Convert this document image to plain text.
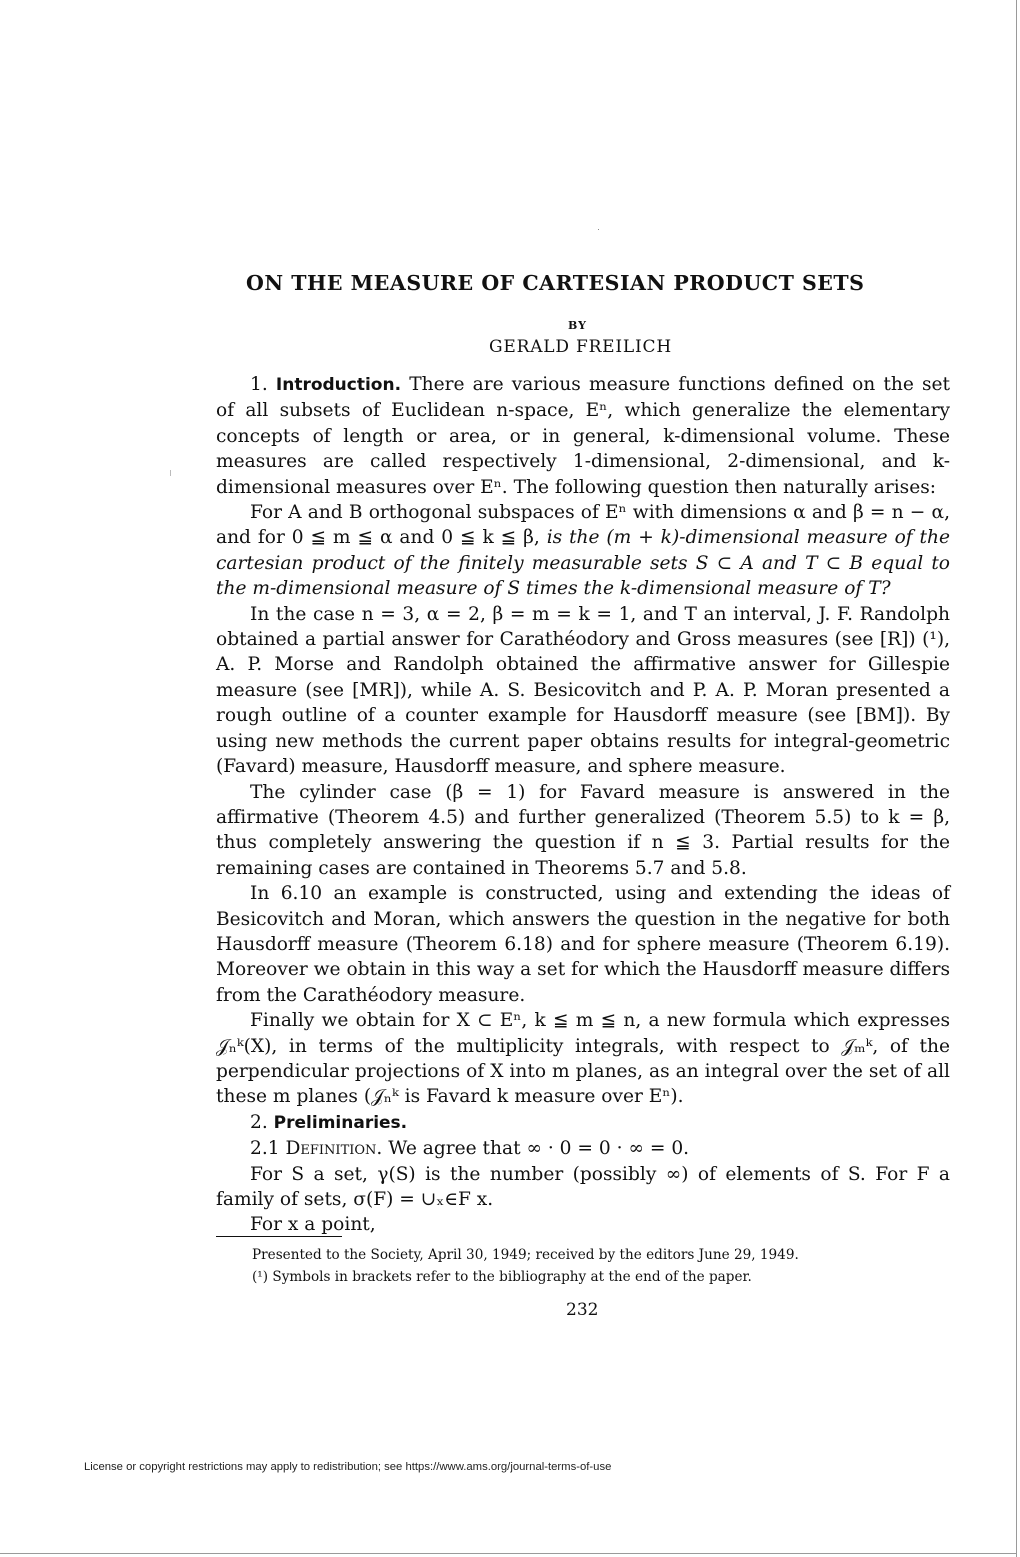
ON THE MEASURE OF CARTESIAN PRODUCT SETS
BY
GERALD FREILICH

1. Introduction. There are various measure functions defined on the set of all subsets of Euclidean n-space, Eⁿ, which generalize the elementary concepts of length or area, or in general, k-dimensional volume. These measures are called respectively 1-dimensional, 2-dimensional, and k-dimensional measures over Eⁿ. The following question then naturally arises:

For A and B orthogonal subspaces of Eⁿ with dimensions α and β = n − α, and for 0 ≦ m ≦ α and 0 ≦ k ≦ β, is the (m + k)-dimensional measure of the cartesian product of the finitely measurable sets S ⊂ A and T ⊂ B equal to the m-dimensional measure of S times the k-dimensional measure of T?

In the case n = 3, α = 2, β = m = k = 1, and T an interval, J. F. Randolph obtained a partial answer for Carathéodory and Gross measures (see [R]) (¹), A. P. Morse and Randolph obtained the affirmative answer for Gillespie measure (see [MR]), while A. S. Besicovitch and P. A. P. Moran presented a rough outline of a counter example for Hausdorff measure (see [BM]). By using new methods the current paper obtains results for integral-geometric (Favard) measure, Hausdorff measure, and sphere measure.

The cylinder case (β = 1) for Favard measure is answered in the affirmative (Theorem 4.5) and further generalized (Theorem 5.5) to k = β, thus completely answering the question if n ≦ 3. Partial results for the remaining cases are contained in Theorems 5.7 and 5.8.

In 6.10 an example is constructed, using and extending the ideas of Besicovitch and Moran, which answers the question in the negative for both Hausdorff measure (Theorem 6.18) and for sphere measure (Theorem 6.19). Moreover we obtain in this way a set for which the Hausdorff measure differs from the Carathéodory measure.

Finally we obtain for X ⊂ Eⁿ, k ≦ m ≦ n, a new formula which expresses 𝒥ₙᵏ(X), in terms of the multiplicity integrals, with respect to 𝒥ₘᵏ, of the perpendicular projections of X into m planes, as an integral over the set of all these m planes (𝒥ₙᵏ is Favard k measure over Eⁿ).

2. Preliminaries.

2.1 Definition. We agree that ∞ · 0 = 0 · ∞ = 0.

For S a set, γ(S) is the number (possibly ∞) of elements of S. For F a family of sets, σ(F) = ∪ₓ∈F x.

For x a point,

Presented to the Society, April 30, 1949; received by the editors June 29, 1949.
(¹) Symbols in brackets refer to the bibliography at the end of the paper.
232
License or copyright restrictions may apply to redistribution; see https://www.ams.org/journal-terms-of-use
